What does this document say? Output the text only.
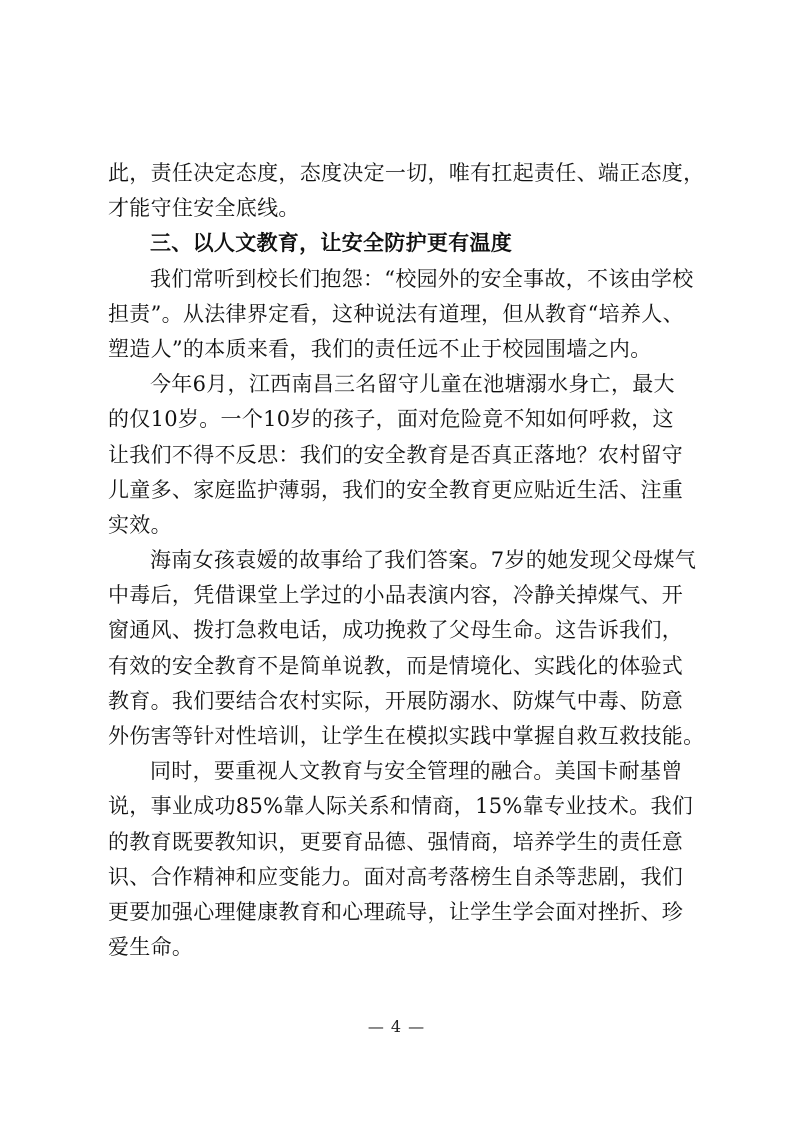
此，责任决定态度，态度决定一切，唯有扛起责任、端正态度，
才能守住安全底线。
三、以人文教育，让安全防护更有温度
我们常听到校长们抱怨：“校园外的安全事故，不该由学校
担责”。从法律界定看，这种说法有道理，但从教育“培养人、
塑造人”的本质来看，我们的责任远不止于校园围墙之内。
今年6月，江西南昌三名留守儿童在池塘溺水身亡，最大
的仅10岁。一个10岁的孩子，面对危险竟不知如何呼救，这
让我们不得不反思：我们的安全教育是否真正落地？农村留守
儿童多、家庭监护薄弱，我们的安全教育更应贴近生活、注重
实效。
海南女孩袁嫒的故事给了我们答案。7岁的她发现父母煤气
中毒后，凭借课堂上学过的小品表演内容，冷静关掉煤气、开
窗通风、拨打急救电话，成功挽救了父母生命。这告诉我们，
有效的安全教育不是简单说教，而是情境化、实践化的体验式
教育。我们要结合农村实际，开展防溺水、防煤气中毒、防意
外伤害等针对性培训，让学生在模拟实践中掌握自救互救技能。
同时，要重视人文教育与安全管理的融合。美国卡耐基曾
说，事业成功85%靠人际关系和情商，15%靠专业技术。我们
的教育既要教知识，更要育品德、强情商，培养学生的责任意
识、合作精神和应变能力。面对高考落榜生自杀等悲剧，我们
更要加强心理健康教育和心理疏导，让学生学会面对挫折、珍
爱生命。
— 4 —
